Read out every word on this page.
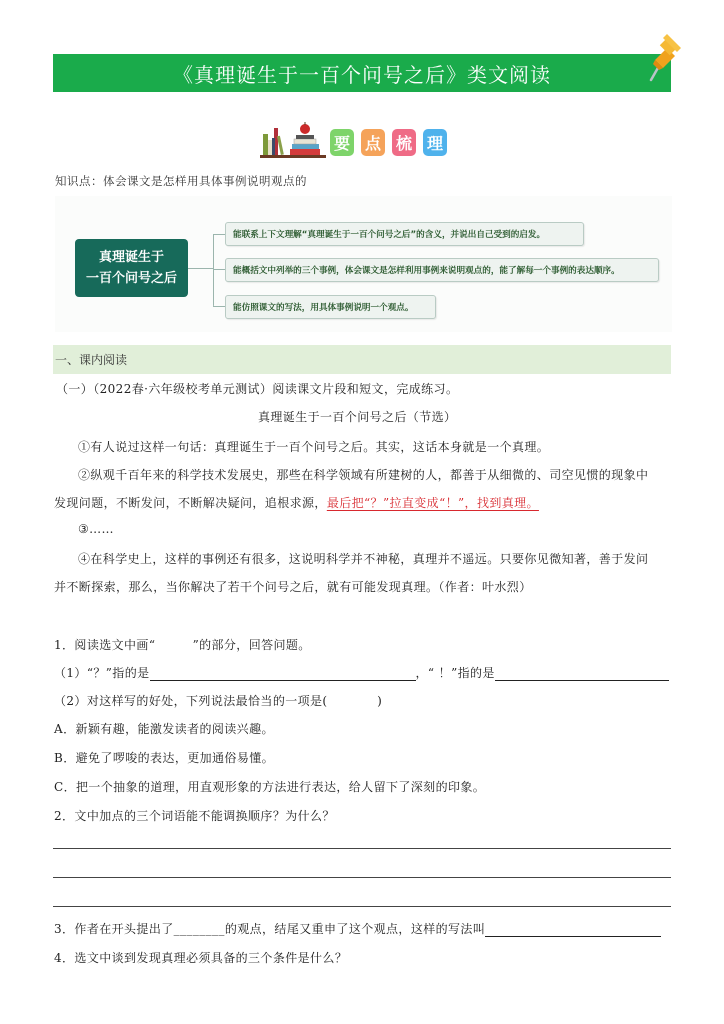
《真理诞生于一百个问号之后》类文阅读
要 点 梳 理
知识点：体会课文是怎样用具体事例说明观点的
真理诞生于
一百个问号之后
能联系上下文理解“真理诞生于一百个问号之后”的含义，并说出自己受到的启发。
能概括文中列举的三个事例，体会课文是怎样利用事例来说明观点的，能了解每一个事例的表达顺序。
能仿照课文的写法，用具体事例说明一个观点。
一、课内阅读
（一）（2022春·六年级校考单元测试）阅读课文片段和短文，完成练习。
真理诞生于一百个问号之后（节选）
①有人说过这样一句话：真理诞生于一百个问号之后。其实，这话本身就是一个真理。
②纵观千百年来的科学技术发展史，那些在科学领域有所建树的人，都善于从细微的、司空见惯的现象中
发现问题，不断发问，不断解决疑问，追根求源，最后把“？”拉直变成“！”，找到真理。
③……
④在科学史上，这样的事例还有很多，这说明科学并不神秘，真理并不遥远。只要你见微知著，善于发问
并不断探索，那么，当你解决了若干个问号之后，就有可能发现真理。（作者：叶水烈）
1．阅读选文中画“　　　”的部分，回答问题。
（1）“？”指的是	，“ ！”指的是
（2）对这样写的好处，下列说法最恰当的一项是(　　　　)
A．新颖有趣，能激发读者的阅读兴趣。
B．避免了啰唆的表达，更加通俗易懂。
C．把一个抽象的道理，用直观形象的方法进行表达，给人留下了深刻的印象。
2．文中加点的三个词语能不能调换顺序？为什么？
3．作者在开头提出了________的观点，结尾又重申了这个观点，这样的写法叫
4．选文中谈到发现真理必须具备的三个条件是什么？
